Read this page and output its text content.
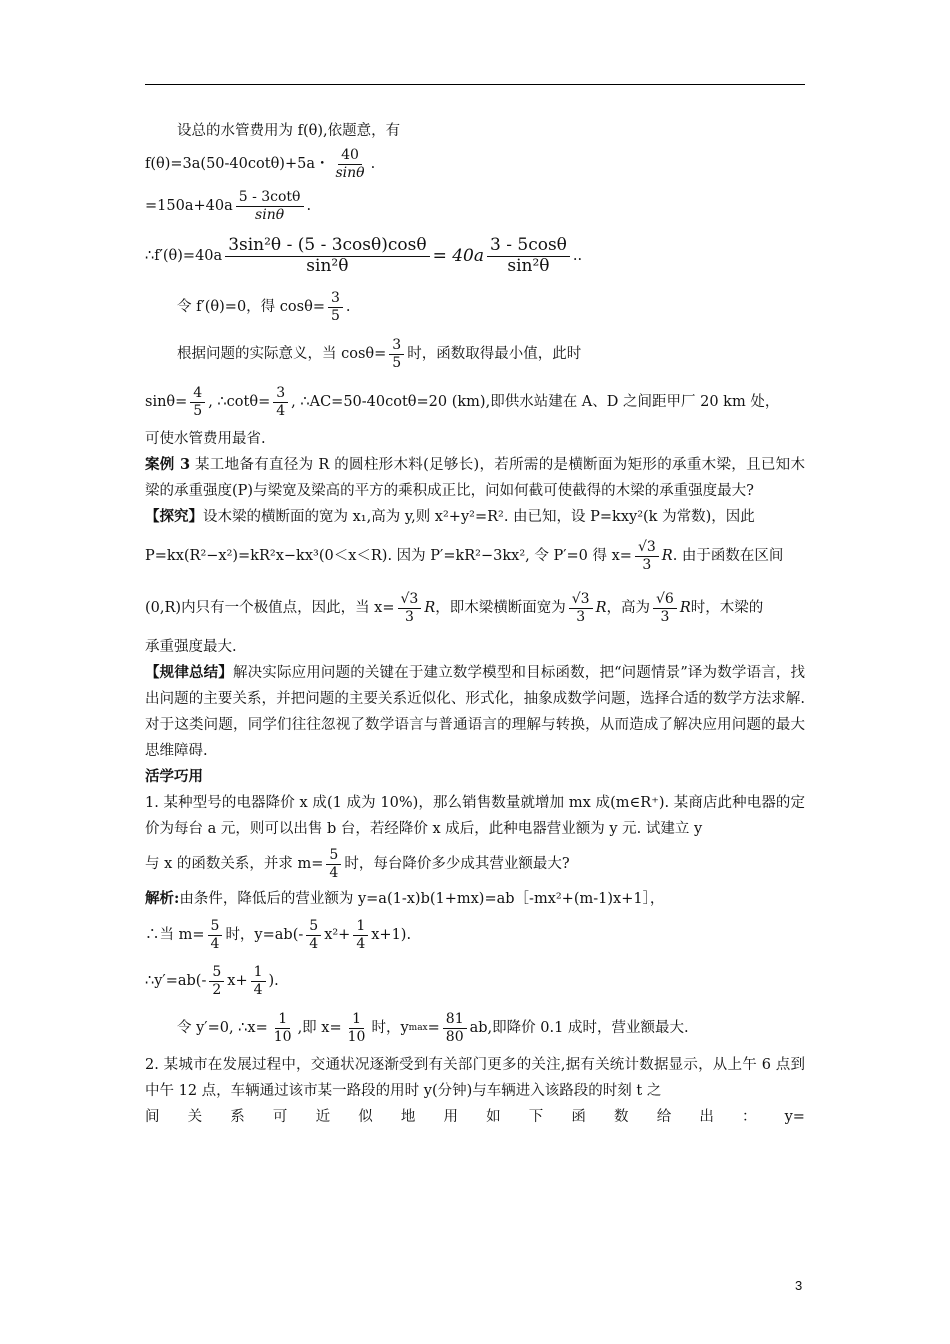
设总的水管费用为 f(θ),依题意，有
f(θ)=3a(50-40cotθ)+5a・ $\frac{40}{\sin\theta}$ .
$=150a+40a \frac{5 - 3\cot\theta}{\sin\theta}$ .
∴f′(θ)=40a $\frac{\text{3sin²θ - (5 - 3cosθ)cosθ}}{\text{sin²θ}} = 40a \frac{3 - 5\cos\theta}{\text{sin²θ}}$ ..
令 f′(θ)=0，得 $\cos\theta= \frac{3}{5}$ .
根据问题的实际意义，当 $\cos\theta= \frac{3}{5}$ 时，函数取得最小值，此时
$\sin\theta= \frac{4}{5}$ , ∴cotθ= $\frac{3}{4}$ , ∴AC=50-40cotθ=20 (km),即供水站建在 A、D 之间距甲厂 20 km 处，
可使水管费用最省.
案例 3 某工地备有直径为 R 的圆柱形木料(足够长)，若所需的是横断面为矩形的承重木梁，且已知木梁的承重强度(P)与梁宽及梁高的平方的乘积成正比，问如何截可使截得的木梁的承重强度最大?
【探究】设木梁的横断面的宽为 x₁,高为 y,则 x²+y²=R². 由已知，设 P=kxy²(k 为常数)，因此
P=kx(R²−x²)=kR²x−kx³(0＜x＜R). 因为 P′=kR²−3kx², 令 P′=0 得 $x= \frac{√3}{3}$ R . 由于函数在区间
(0,R)内只有一个极值点，因此，当 $x= \frac{√3}{3}$ R ，即木梁横断面宽为 $\frac{√3}{3}$ R ，高为 $\frac{√6}{3}$ R 时，木梁的
承重强度最大.
【规律总结】解决实际应用问题的关键在于建立数学模型和目标函数，把“问题情景”译为数学语言，找出问题的主要关系，并把问题的主要关系近似化、形式化，抽象成数学问题，选择合适的数学方法求解. 对于这类问题，同学们往往忽视了数学语言与普通语言的理解与转换，从而造成了解决应用问题的最大思维障碍.
活学巧用
1. 某种型号的电器降价 x 成(1 成为 10%)，那么销售数量就增加 mx 成(m∈R⁺). 某商店此种电器的定价为每台 a 元，则可以出售 b 台，若经降价 x 成后，此种电器营业额为 y 元. 试建立 y
与 x 的函数关系，并求 $m= \frac{5}{4}$ 时，每台降价多少成其营业额最大?
解析: 由条件，降低后的营业额为 y=a(1-x)b(1+mx)=ab［-mx²+(m-1)x+1］，
∴当 $m= \frac{5}{4}$ 时，$y=ab(- \frac{5}{4} x^2+ \frac{1}{4} x+1)$.
∴y′=ab(- $\frac{5}{2} x+ \frac{1}{4}$ ).
令 y′=0, ∴x= $\frac{1}{10}$ ,即 $x= \frac{1}{10}$ 时， y $\max = \frac{81}{80}$ ab,即降价 0.1 成时，营业额最大.
2. 某城市在发展过程中，交通状况逐渐受到有关部门更多的关注,据有关统计数据显示，从上午 6 点到中午 12 点，车辆通过该市某一路段的用时 y(分钟)与车辆进入该路段的时刻 t 之
间 关 系 可 近 似 地 用 如 下 函 数 给 出 ： y=
3
